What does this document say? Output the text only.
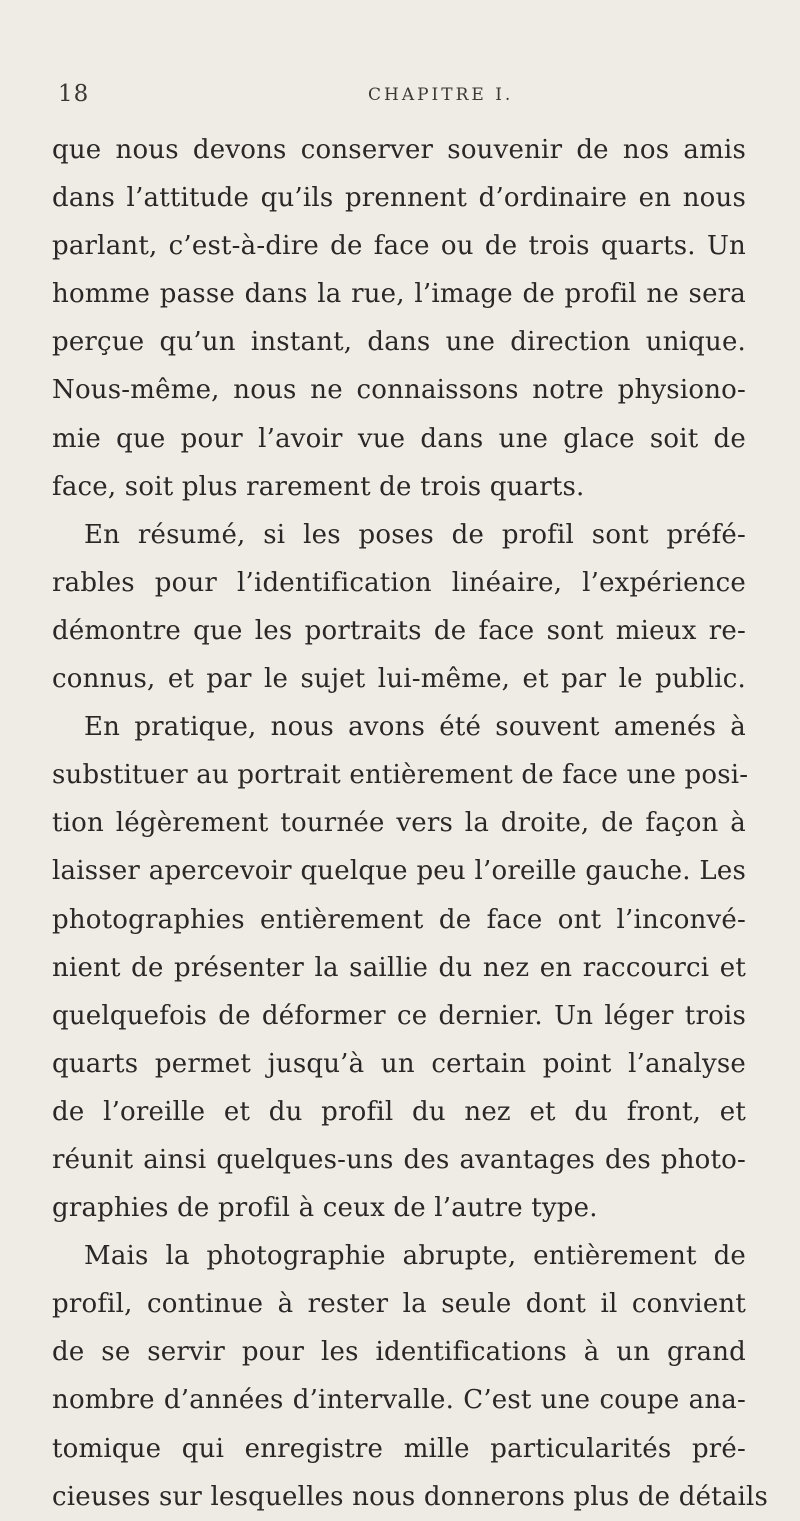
18	CHAPITRE I.
que nous devons conserver souvenir de nos amis
dans l’attitude qu’ils prennent d’ordinaire en nous
parlant, c’est-à-dire de face ou de trois quarts. Un
homme passe dans la rue, l’image de profil ne sera
perçue qu’un instant, dans une direction unique.
Nous-même, nous ne connaissons notre physiono-
mie que pour l’avoir vue dans une glace soit de
face, soit plus rarement de trois quarts.
En résumé, si les poses de profil sont préfé-
rables pour l’identification linéaire, l’expérience
démontre que les portraits de face sont mieux re-
connus, et par le sujet lui-même, et par le public.
En pratique, nous avons été souvent amenés à
substituer au portrait entièrement de face une posi-
tion légèrement tournée vers la droite, de façon à
laisser apercevoir quelque peu l’oreille gauche. Les
photographies entièrement de face ont l’inconvé-
nient de présenter la saillie du nez en raccourci et
quelquefois de déformer ce dernier. Un léger trois
quarts permet jusqu’à un certain point l’analyse
de l’oreille et du profil du nez et du front, et
réunit ainsi quelques-uns des avantages des photo-
graphies de profil à ceux de l’autre type.
Mais la photographie abrupte, entièrement de
profil, continue à rester la seule dont il convient
de se servir pour les identifications à un grand
nombre d’années d’intervalle. C’est une coupe ana-
tomique qui enregistre mille particularités pré-
cieuses sur lesquelles nous donnerons plus de détails
